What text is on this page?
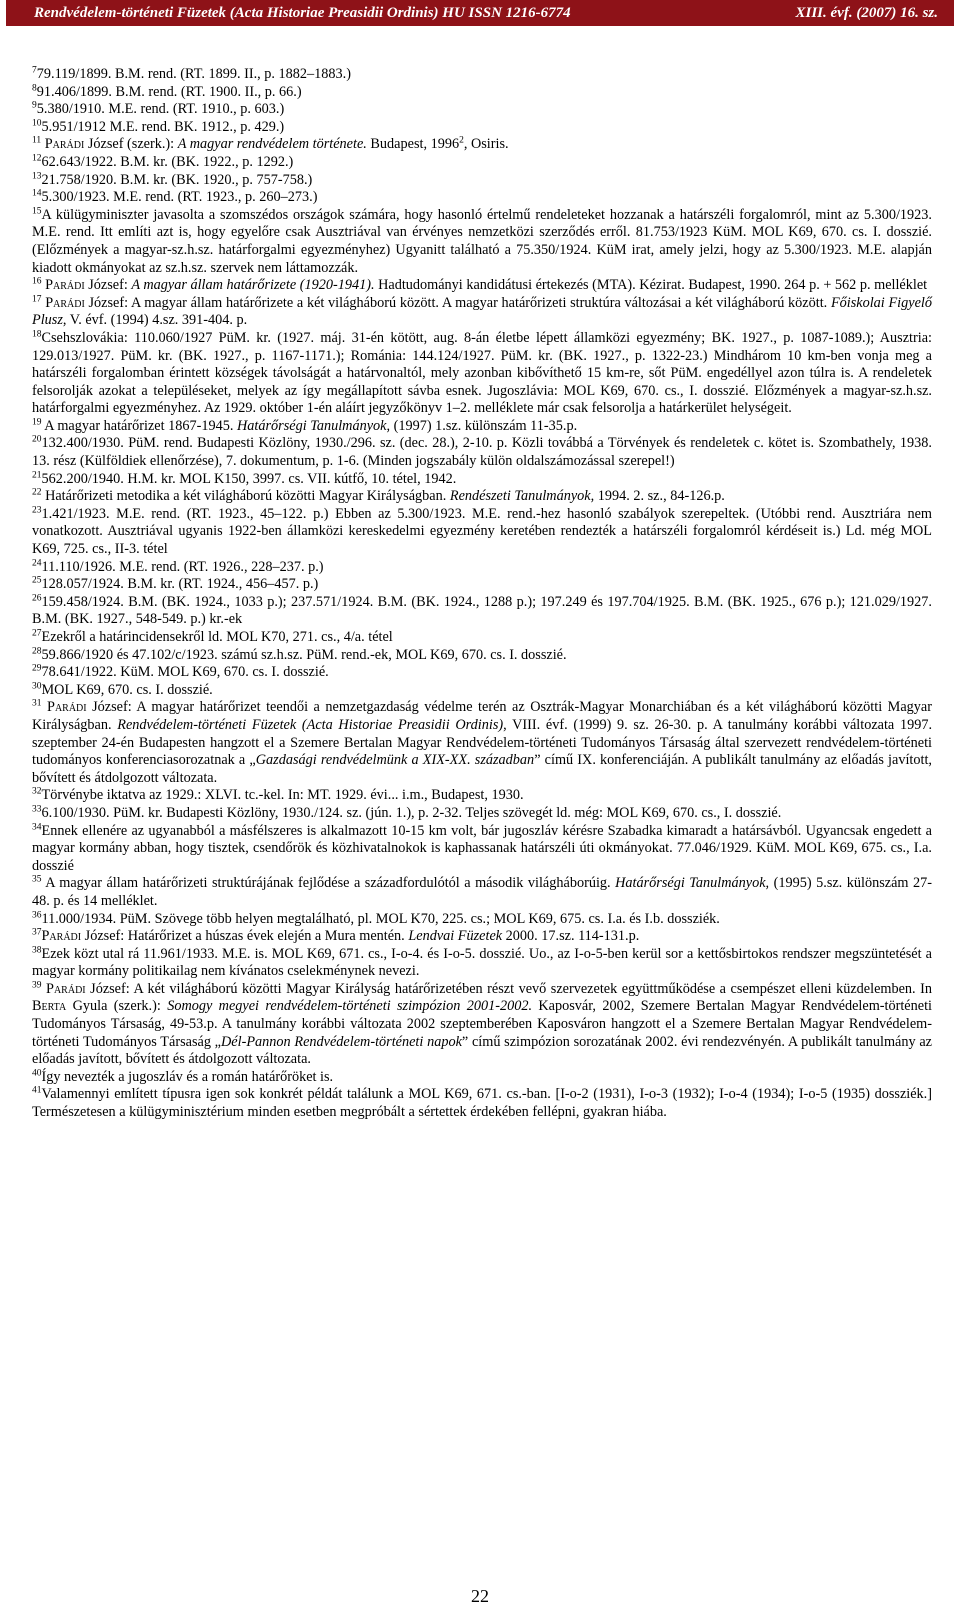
Rendvédelem-történeti Füzetek (Acta Historiae Preasidii Ordinis) HU ISSN 1216-6774	XIII. évf. (2007) 16. sz.

$^7$79.119/1899. B.M. rend. (RT. 1899. II., p. 1882–1883.)

$^8$91.406/1899. B.M. rend. (RT. 1900. II., p. 66.)

$^9$5.380/1910. M.E. rend. (RT. 1910., p. 603.)

$^{10}$5.951/1912 M.E. rend. BK. 1912., p. 429.)

$^{11}$ Parádi József (szerk.): A magyar rendvédelem története. Budapest, 1996$^2$, Osiris.

$^{12}$62.643/1922. B.M. kr. (BK. 1922., p. 1292.)

$^{13}$21.758/1920. B.M. kr. (BK. 1920., p. 757-758.)

$^{14}$5.300/1923. M.E. rend. (RT. 1923., p. 260–273.)

$^{15}$A külügyminiszter javasolta a szomszédos országok számára, hogy hasonló értelmű rendeleteket hozzanak a határszéli forgalomról, mint az 5.300/1923. M.E. rend. Itt említi azt is, hogy egyelőre csak Ausztriával van érvényes nemzetközi szerződés erről. 81.753/1923 KüM. MOL K69, 670. cs. I. dosszié. (Előzmények a magyar-sz.h.sz. határforgalmi egyezményhez) Ugyanitt található a 75.350/1924. KüM irat, amely jelzi, hogy az 5.300/1923. M.E. alapján kiadott okmányokat az sz.h.sz. szervek nem láttamozzák.

$^{16}$ Parádi József: A magyar állam határőrizete (1920-1941). Hadtudományi kandidátusi értekezés (MTA). Kézirat. Budapest, 1990. 264 p. + 562 p. melléklet

$^{17}$ Parádi József: A magyar állam határőrizete a két világháború között. A magyar határőrizeti struktúra változásai a két világháború között. Főiskolai Figyelő Plusz, V. évf. (1994) 4.sz. 391-404. p.

$^{18}$Csehszlovákia: 110.060/1927 PüM. kr. (1927. máj. 31-én kötött, aug. 8-án életbe lépett államközi egyezmény; BK. 1927., p. 1087-1089.); Ausztria: 129.013/1927. PüM. kr. (BK. 1927., p. 1167-1171.); Románia: 144.124/1927. PüM. kr. (BK. 1927., p. 1322-23.) Mindhárom 10 km-ben vonja meg a határszéli forgalomban érintett községek távolságát a határvonaltól, mely azonban kibővíthető 15 km-re, sőt PüM. engedéllyel azon túlra is. A rendeletek felsorolják azokat a településeket, melyek az így megállapított sávba esnek. Jugoszlávia: MOL K69, 670. cs., I. dosszié. Előzmények a magyar-sz.h.sz. határforgalmi egyezményhez. Az 1929. október 1-én aláírt jegyzőkönyv 1–2. melléklete már csak felsorolja a határkerület helységeit.

$^{19}$ A magyar határőrizet 1867-1945. Határőrségi Tanulmányok, (1997) 1.sz. különszám 11-35.p.

$^{20}$132.400/1930. PüM. rend. Budapesti Közlöny, 1930./296. sz. (dec. 28.), 2-10. p. Közli továbbá a Törvények és rendeletek c. kötet is. Szombathely, 1938. 13. rész (Külföldiek ellenőrzése), 7. dokumentum, p. 1-6. (Minden jogszabály külön oldalszámozással szerepel!)

$^{21}$562.200/1940. H.M. kr. MOL K150, 3997. cs. VII. kútfő, 10. tétel, 1942.

$^{22}$ Határőrizeti metodika a két világháború közötti Magyar Királyságban. Rendészeti Tanulmányok, 1994. 2. sz., 84-126.p.

$^{23}$1.421/1923. M.E. rend. (RT. 1923., 45–122. p.) Ebben az 5.300/1923. M.E. rend.-hez hasonló szabályok szerepeltek. (Utóbbi rend. Ausztriára nem vonatkozott. Ausztriával ugyanis 1922-ben államközi kereskedelmi egyezmény keretében rendezték a határszéli forgalomról kérdéseit is.) Ld. még MOL K69, 725. cs., II-3. tétel

$^{24}$11.110/1926. M.E. rend. (RT. 1926., 228–237. p.)

$^{25}$128.057/1924. B.M. kr. (RT. 1924., 456–457. p.)

$^{26}$159.458/1924. B.M. (BK. 1924., 1033 p.); 237.571/1924. B.M. (BK. 1924., 1288 p.); 197.249 és 197.704/1925. B.M. (BK. 1925., 676 p.); 121.029/1927. B.M. (BK. 1927., 548-549. p.) kr.-ek

$^{27}$Ezekről a határincidensekről ld. MOL K70, 271. cs., 4/a. tétel

$^{28}$59.866/1920 és 47.102/c/1923. számú sz.h.sz. PüM. rend.-ek, MOL K69, 670. cs. I. dosszié.

$^{29}$78.641/1922. KüM. MOL K69, 670. cs. I. dosszié.

$^{30}$MOL K69, 670. cs. I. dosszié.

$^{31}$ Parádi József: A magyar határőrizet teendői a nemzetgazdaság védelme terén az Osztrák-Magyar Monarchiában és a két világháború közötti Magyar Királyságban. Rendvédelem-történeti Füzetek (Acta Historiae Preasidii Ordinis), VIII. évf. (1999) 9. sz. 26-30. p. A tanulmány korábbi változata 1997. szeptember 24-én Budapesten hangzott el a Szemere Bertalan Magyar Rendvédelem-történeti Tudományos Társaság által szervezett rendvédelem-történeti tudományos konferenciasorozatnak a „Gazdasági rendvédelmünk a XIX-XX. században” című IX. konferenciáján. A publikált tanulmány az előadás javított, bővített és átdolgozott változata.

$^{32}$Törvénybe iktatva az 1929.: XLVI. tc.-kel. In: MT. 1929. évi... i.m., Budapest, 1930.

$^{33}$6.100/1930. PüM. kr. Budapesti Közlöny, 1930./124. sz. (jún. 1.), p. 2-32. Teljes szövegét ld. még: MOL K69, 670. cs., I. dosszié.

$^{34}$Ennek ellenére az ugyanabból a másfélszeres is alkalmazott 10-15 km volt, bár jugoszláv kérésre Szabadka kimaradt a határsávból. Ugyancsak engedett a magyar kormány abban, hogy tisztek, csendőrök és közhivatalnokok is kaphassanak határszéli úti okmányokat. 77.046/1929. KüM. MOL K69, 675. cs., I.a. dosszié

$^{35}$ A magyar állam határőrizeti struktúrájának fejlődése a századfordulótól a második világháborúig. Határőrségi Tanulmányok, (1995) 5.sz. különszám 27-48. p. és 14 melléklet.

$^{36}$11.000/1934. PüM. Szövege több helyen megtalálható, pl. MOL K70, 225. cs.; MOL K69, 675. cs. I.a. és I.b. dossziék.

$^{37}$Parádi József: Határőrizet a húszas évek elején a Mura mentén. Lendvai Füzetek 2000. 17.sz. 114-131.p.

$^{38}$Ezek közt utal rá 11.961/1933. M.E. is. MOL K69, 671. cs., I-o-4. és I-o-5. dosszié. Uo., az I-o-5-ben kerül sor a kettősbirtokos rendszer megszüntetését a magyar kormány politikailag nem kívánatos cselekménynek nevezi.

$^{39}$ Parádi József: A két világháború közötti Magyar Királyság határőrizetében részt vevő szervezetek együttműködése a csempészet elleni küzdelemben. In Berta Gyula (szerk.): Somogy megyei rendvédelem-történeti szimpózion 2001-2002. Kaposvár, 2002, Szemere Bertalan Magyar Rendvédelem-történeti Tudományos Társaság, 49-53.p. A tanulmány korábbi változata 2002 szeptemberében Kaposváron hangzott el a Szemere Bertalan Magyar Rendvédelem-történeti Tudományos Társaság „Dél-Pannon Rendvédelem-történeti napok” című szimpózion sorozatának 2002. évi rendezvényén. A publikált tanulmány az előadás javított, bővített és átdolgozott változata.

$^{40}$Így nevezték a jugoszláv és a román határőröket is.

$^{41}$Valamennyi említett típusra igen sok konkrét példát találunk a MOL K69, 671. cs.-ban. [I-o-2 (1931), I-o-3 (1932); I-o-4 (1934); I-o-5 (1935) dossziék.] Természetesen a külügyminisztérium minden esetben megpróbált a sértettek érdekében fellépni, gyakran hiába.

22
